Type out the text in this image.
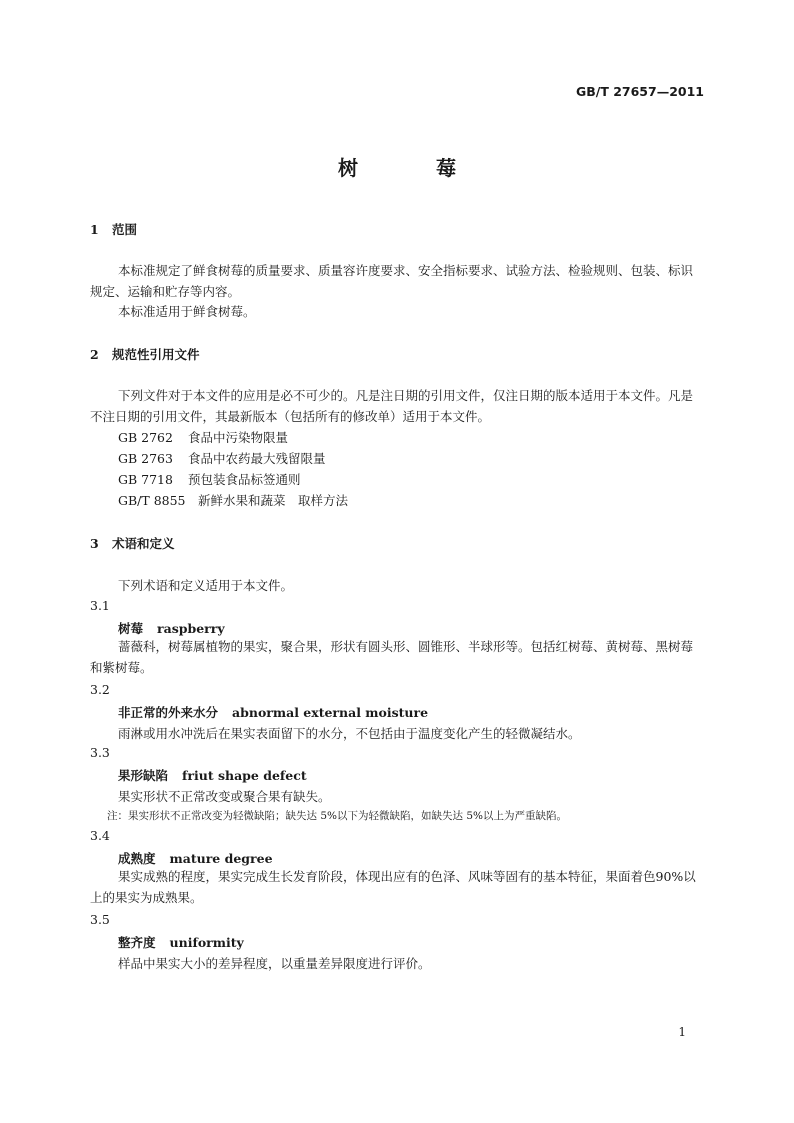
GB/T 27657—2011
树	莓
1 范围
本标准规定了鲜食树莓的质量要求、质量容许度要求、安全指标要求、试验方法、检验规则、包装、标识规定、运输和贮存等内容。
本标准适用于鲜食树莓。
2 规范性引用文件
下列文件对于本文件的应用是必不可少的。凡是注日期的引用文件，仅注日期的版本适用于本文件。凡是不注日期的引用文件，其最新版本（包括所有的修改单）适用于本文件。
GB 2762 食品中污染物限量
GB 2763 食品中农药最大残留限量
GB 7718 预包装食品标签通则
GB/T 8855 新鲜水果和蔬菜　取样方法
3 术语和定义
下列术语和定义适用于本文件。
3.1
树莓 raspberry
蔷薇科，树莓属植物的果实，聚合果，形状有圆头形、圆锥形、半球形等。包括红树莓、黄树莓、黑树莓和紫树莓。
3.2
非正常的外来水分 abnormal external moisture
雨淋或用水冲洗后在果实表面留下的水分，不包括由于温度变化产生的轻微凝结水。
3.3
果形缺陷 friut shape defect
果实形状不正常改变或聚合果有缺失。
注：果实形状不正常改变为轻微缺陷；缺失达 5%以下为轻微缺陷，如缺失达 5%以上为严重缺陷。
3.4
成熟度 mature degree
果实成熟的程度，果实完成生长发育阶段，体现出应有的色泽、风味等固有的基本特征，果面着色90%以上的果实为成熟果。
3.5
整齐度 uniformity
样品中果实大小的差异程度，以重量差异限度进行评价。
1
